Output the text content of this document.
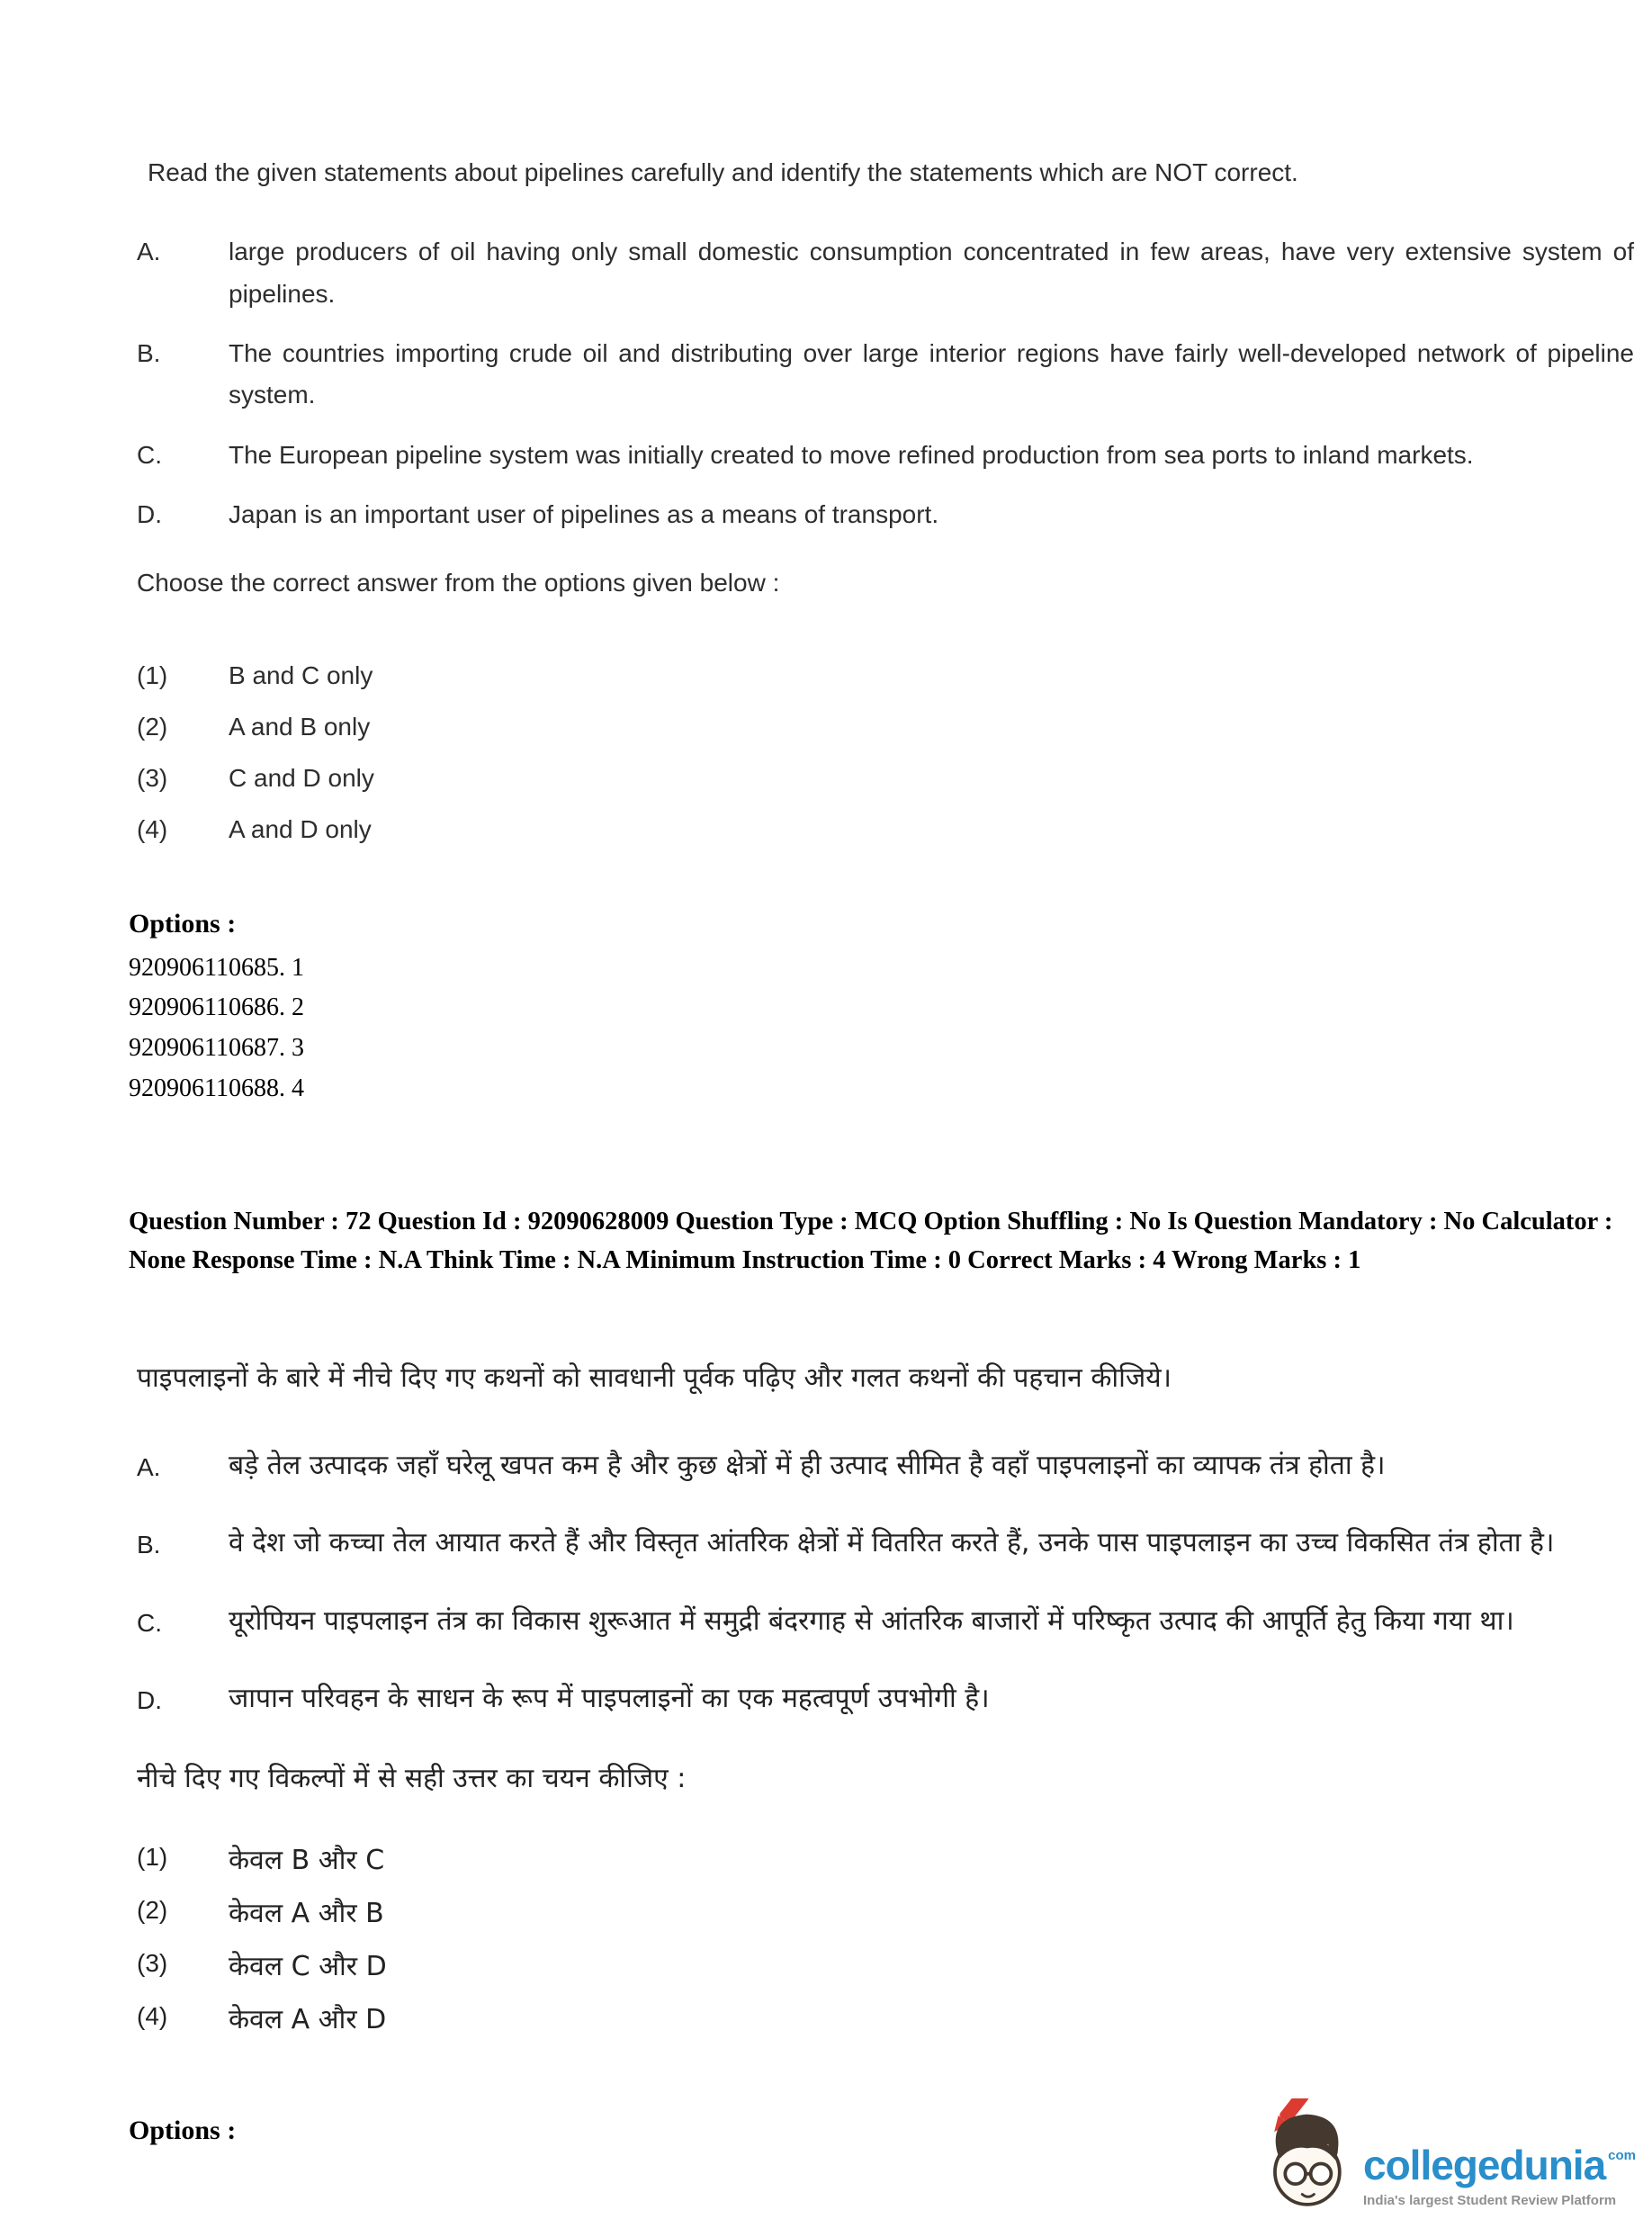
Read the given statements about pipelines carefully and identify the statements which are NOT correct.
A.	large producers of oil having only small domestic consumption concentrated in few areas, have very extensive system of pipelines.
B.	The countries importing crude oil and distributing over large interior regions have fairly well-developed network of pipeline system.
C.	The European pipeline system was initially created to move refined production from sea ports to inland markets.
D.	Japan is an important user of pipelines as a means of transport.
Choose the correct answer from the options given below :
(1)	B and C only
(2)	A and B only
(3)	C and D only
(4)	A and D only
Options :
920906110685. 1
920906110686. 2
920906110687. 3
920906110688. 4
Question Number : 72 Question Id : 92090628009 Question Type : MCQ Option Shuffling : No Is Question Mandatory : No Calculator : None Response Time : N.A Think Time : N.A Minimum Instruction Time : 0 Correct Marks : 4 Wrong Marks : 1
पाइपलाइनों के बारे में नीचे दिए गए कथनों को सावधानी पूर्वक पढ़िए और गलत कथनों की पहचान कीजिये।
A.	बड़े तेल उत्पादक जहाँ घरेलू खपत कम है और कुछ क्षेत्रों में ही उत्पाद सीमित है वहाँ पाइपलाइनों का व्यापक तंत्र होता है।
B.	वे देश जो कच्चा तेल आयात करते हैं और विस्तृत आंतरिक क्षेत्रों में वितरित करते हैं, उनके पास पाइपलाइन का उच्च विकसित तंत्र होता है।
C.	यूरोपियन पाइपलाइन तंत्र का विकास शुरूआत में समुद्री बंदरगाह से आंतरिक बाजारों में परिष्कृत उत्पाद की आपूर्ति हेतु किया गया था।
D.	जापान परिवहन के साधन के रूप में पाइपलाइनों का एक महत्वपूर्ण उपभोगी है।
नीचे दिए गए विकल्पों में से सही उत्तर का चयन कीजिए :
(1)	केवल B और C
(2)	केवल A और B
(3)	केवल C और D
(4)	केवल A और D
Options :
collegedunia com
India's largest Student Review Platform
